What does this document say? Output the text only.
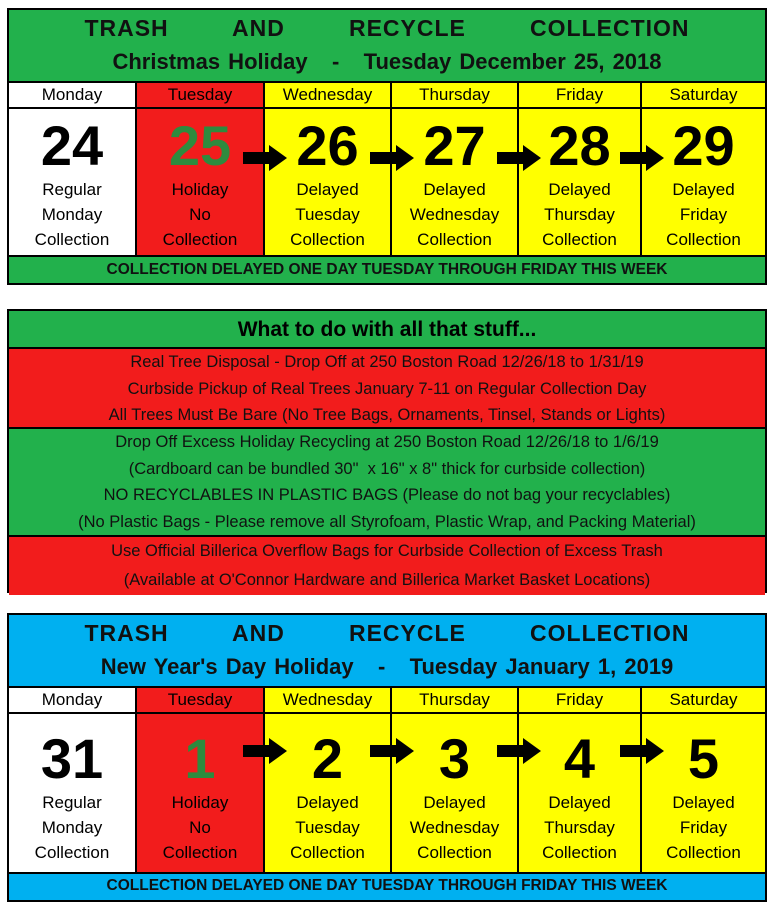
TRASH   AND   RECYCLE   COLLECTION
Christmas Holiday   -   Tuesday December 25, 2018
Monday
24
Regular
Monday
Collection
Tuesday
25
Holiday
No
Collection
Wednesday
26
Delayed
Tuesday
Collection
Thursday
27
Delayed
Wednesday
Collection
Friday
28
Delayed
Thursday
Collection
Saturday
29
Delayed
Friday
Collection
COLLECTION DELAYED ONE DAY TUESDAY THROUGH FRIDAY THIS WEEK
What to do with all that stuff...
Real Tree Disposal - Drop Off at 250 Boston Road 12/26/18 to 1/31/19
Curbside Pickup of Real Trees January 7-11 on Regular Collection Day
All Trees Must Be Bare (No Tree Bags, Ornaments, Tinsel, Stands or Lights)
Drop Off Excess Holiday Recycling at 250 Boston Road 12/26/18 to 1/6/19
(Cardboard can be bundled 30"  x 16" x 8" thick for curbside collection)
NO RECYCLABLES IN PLASTIC BAGS (Please do not bag your recyclables)
(No Plastic Bags - Please remove all Styrofoam, Plastic Wrap, and Packing Material)
Use Official Billerica Overflow Bags for Curbside Collection of Excess Trash
(Available at O'Connor Hardware and Billerica Market Basket Locations)
TRASH   AND   RECYCLE   COLLECTION
New Year's Day Holiday   -   Tuesday January 1, 2019
Monday
31
Regular
Monday
Collection
Tuesday
1
Holiday
No
Collection
Wednesday
2
Delayed
Tuesday
Collection
Thursday
3
Delayed
Wednesday
Collection
Friday
4
Delayed
Thursday
Collection
Saturday
5
Delayed
Friday
Collection
COLLECTION DELAYED ONE DAY TUESDAY THROUGH FRIDAY THIS WEEK
